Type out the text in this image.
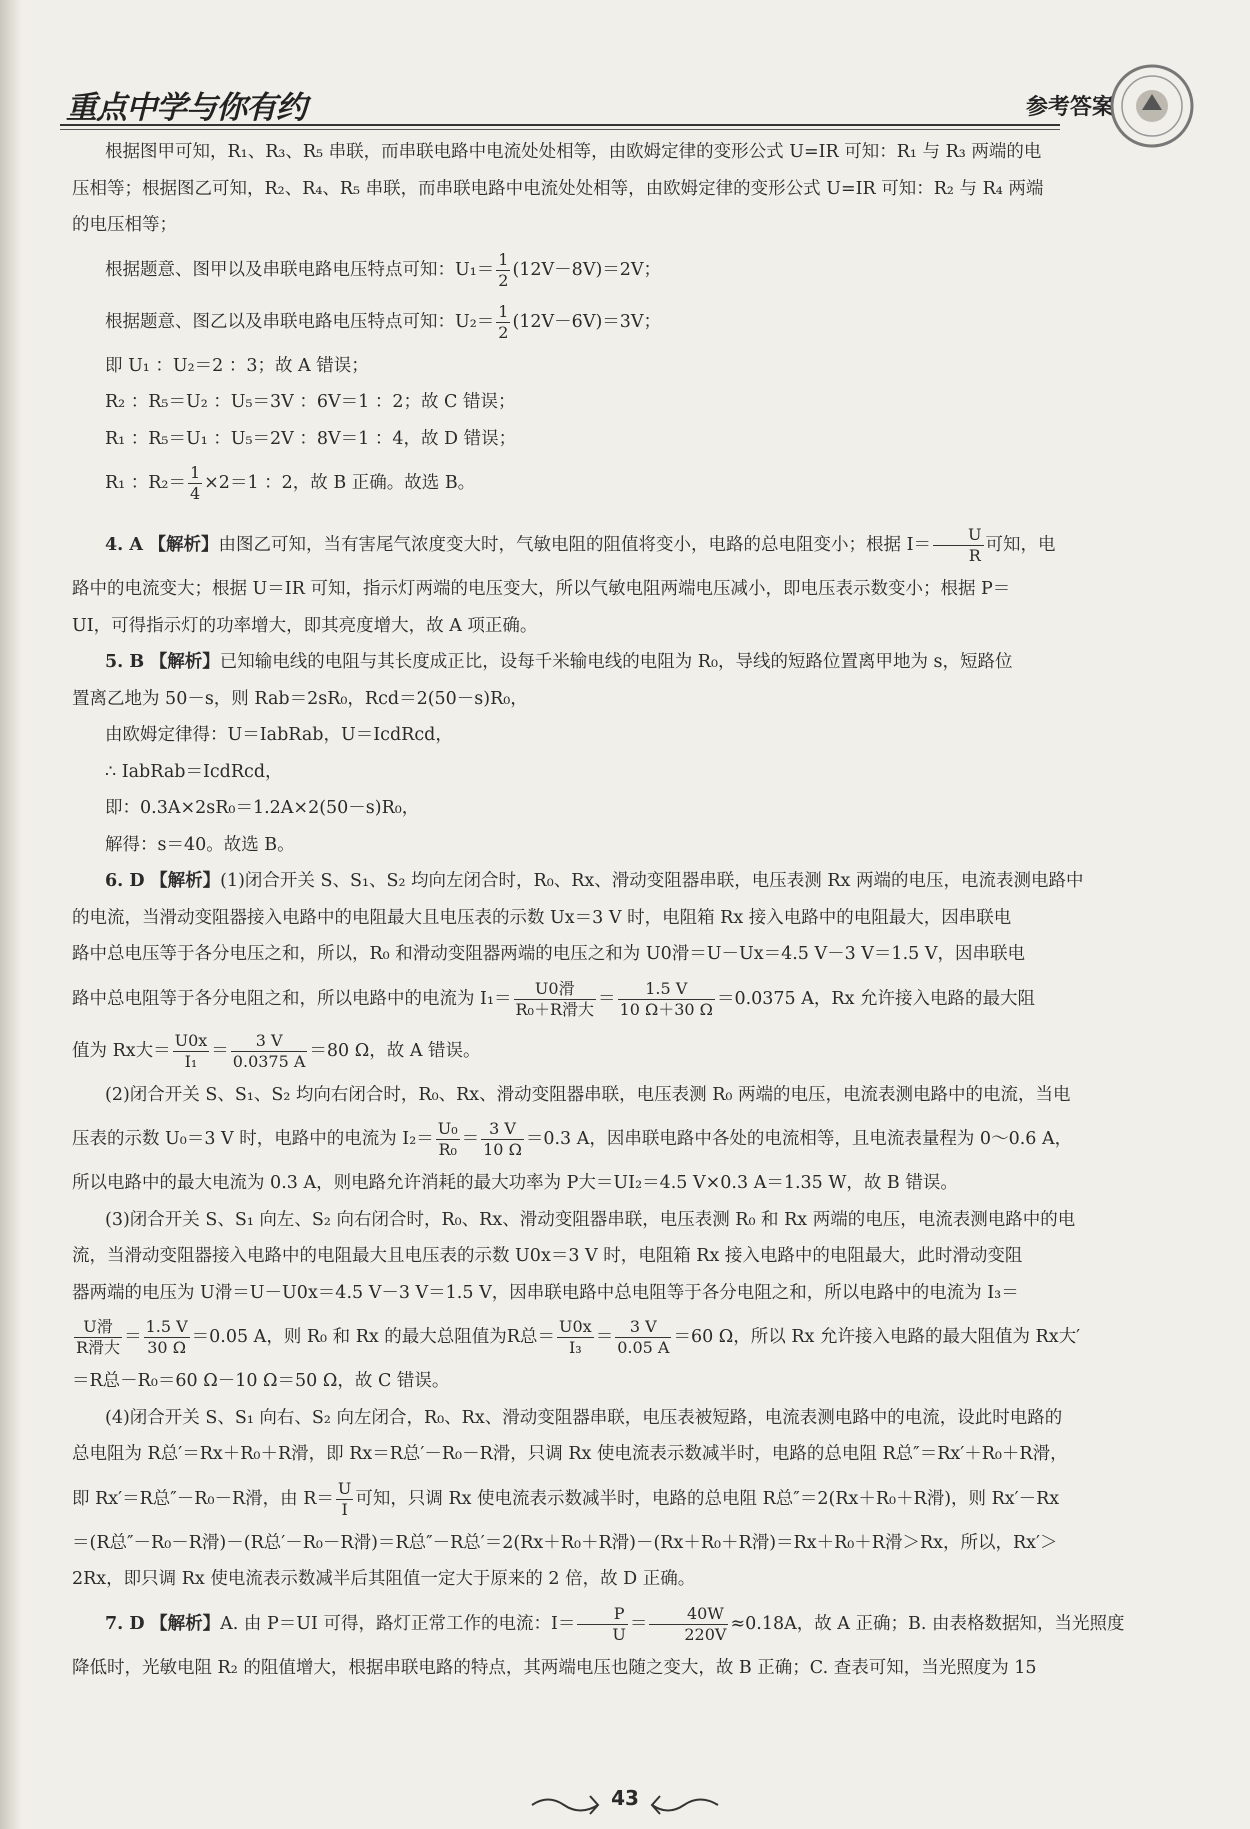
重点中学与你有约	参考答案

根据图甲可知，R₁、R₃、R₅ 串联，而串联电路中电流处处相等，由欧姆定律的变形公式 U=IR 可知：R₁ 与 R₃ 两端的电

压相等；根据图乙可知，R₂、R₄、R₅ 串联，而串联电路中电流处处相等，由欧姆定律的变形公式 U=IR 可知：R₂ 与 R₄ 两端

的电压相等；

根据题意、图甲以及串联电路电压特点可知：$U_1= \frac{1}{2} (12V-8V)=2V$；

根据题意、图乙以及串联电路电压特点可知：$U_2= \frac{1}{2} (12V-6V)=3V$；

即 U₁ ：U₂＝2 ：3；故 A 错误；

R₂ ：R₅＝U₂ ：U₅＝3V ：6V＝1 ：2；故 C 错误；

R₁ ：R₅＝U₁ ：U₅＝2V ：8V＝1 ：4，故 D 错误；

R₁ ：$R_2= \frac{1}{4} \times 2=1$ ：2，故 B 正确。故选 B。

4. A 【解析】由图乙可知，当有害尾气浓度变大时，气敏电阻的阻值将变小，电路的总电阻变小；根据 $I= \frac{U}{R}$ 可知，电

路中的电流变大；根据 U＝IR 可知，指示灯两端的电压变大，所以气敏电阻两端电压减小，即电压表示数变小；根据 P＝

UI，可得指示灯的功率增大，即其亮度增大，故 A 项正确。

5. B 【解析】已知输电线的电阻与其长度成正比，设每千米输电线的电阻为 R₀，导线的短路位置离甲地为 s，短路位

置离乙地为 50－s，则 Rab＝2sR₀，Rcd＝2(50－s)R₀，

由欧姆定律得：U＝IabRab，U＝IcdRcd，

∴ IabRab＝IcdRcd，

即：0.3A×2sR₀＝1.2A×2(50－s)R₀，

解得：s＝40。故选 B。

6. D 【解析】(1)闭合开关 S、S₁、S₂ 均向左闭合时，R₀、Rx、滑动变阻器串联，电压表测 Rx 两端的电压，电流表测电路中

的电流，当滑动变阻器接入电路中的电阻最大且电压表的示数 Ux＝3 V 时，电阻箱 Rx 接入电路中的电阻最大，因串联电

路中总电压等于各分电压之和，所以，R₀ 和滑动变阻器两端的电压之和为 U0滑＝U－Ux＝4.5 V－3 V＝1.5 V，因串联电

路中总电阻等于各分电阻之和，所以电路中的电流为 $I_1= \frac{\text{U0滑}}{\text{R₀＋R滑大}} = \frac{1.5 V}{10 \Omega+30 \Omega} =0.0375$ A，Rx 允许接入电路的最大阻

值为 Rx大＝ $\frac{U0x}{\text{I₁}} = \frac{3 V}{0.0375 A} =80$ Ω，故 A 错误。

(2)闭合开关 S、S₁、S₂ 均向右闭合时，R₀、Rx、滑动变阻器串联，电压表测 R₀ 两端的电压，电流表测电路中的电流，当电

压表的示数 U₀＝3 V 时，电路中的电流为 $I_2= \frac{\text{U₀}}{\text{R₀}} = \frac{3 V}{10 \Omega} =0.3$ A，因串联电路中各处的电流相等，且电流表量程为 0～0.6 A，

所以电路中的最大电流为 0.3 A，则电路允许消耗的最大功率为 P大＝UI₂＝4.5 V×0.3 A＝1.35 W，故 B 错误。

(3)闭合开关 S、S₁ 向左、S₂ 向右闭合时，R₀、Rx、滑动变阻器串联，电压表测 R₀ 和 Rx 两端的电压，电流表测电路中的电

流，当滑动变阻器接入电路中的电阻最大且电压表的示数 U0x＝3 V 时，电阻箱 Rx 接入电路中的电阻最大，此时滑动变阻

器两端的电压为 U滑＝U－U0x＝4.5 V－3 V＝1.5 V，因串联电路中总电阻等于各分电阻之和，所以电路中的电流为 I₃＝

$\frac{\text{U滑}}{\text{R滑大}} = \frac{1.5 V}{30 \Omega} =0.05$ A，则 R₀ 和 Rx 的最大总阻值为R总＝ $\frac{U0x}{\text{I₃}} = \frac{3 V}{0.05 A} =60$ Ω，所以 Rx 允许接入电路的最大阻值为 Rx大′

＝R总－R₀＝60 Ω－10 Ω＝50 Ω，故 C 错误。

(4)闭合开关 S、S₁ 向右、S₂ 向左闭合，R₀、Rx、滑动变阻器串联，电压表被短路，电流表测电路中的电流，设此时电路的

总电阻为 R总′＝Rx＋R₀＋R滑，即 Rx＝R总′－R₀－R滑，只调 Rx 使电流表示数减半时，电路的总电阻 R总″＝Rx′＋R₀＋R滑，

即 Rx′＝R总″－R₀－R滑，由 $R= \frac{U}{I}$ 可知，只调 Rx 使电流表示数减半时，电路的总电阻 R总″＝2(Rx＋R₀＋R滑)，则 Rx′－Rx

＝(R总″－R₀－R滑)－(R总′－R₀－R滑)＝R总″－R总′＝2(Rx＋R₀＋R滑)－(Rx＋R₀＋R滑)＝Rx＋R₀＋R滑＞Rx，所以，Rx′＞

2Rx，即只调 Rx 使电流表示数减半后其阻值一定大于原来的 2 倍，故 D 正确。

7. D 【解析】A. 由 P＝UI 可得，路灯正常工作的电流：$I= \frac{P}{U} = \frac{40W}{220V} \approx 0.18A$，故 A 正确；B. 由表格数据知，当光照度

降低时，光敏电阻 R₂ 的阻值增大，根据串联电路的特点，其两端电压也随之变大，故 B 正确；C. 查表可知，当光照度为 15

43
